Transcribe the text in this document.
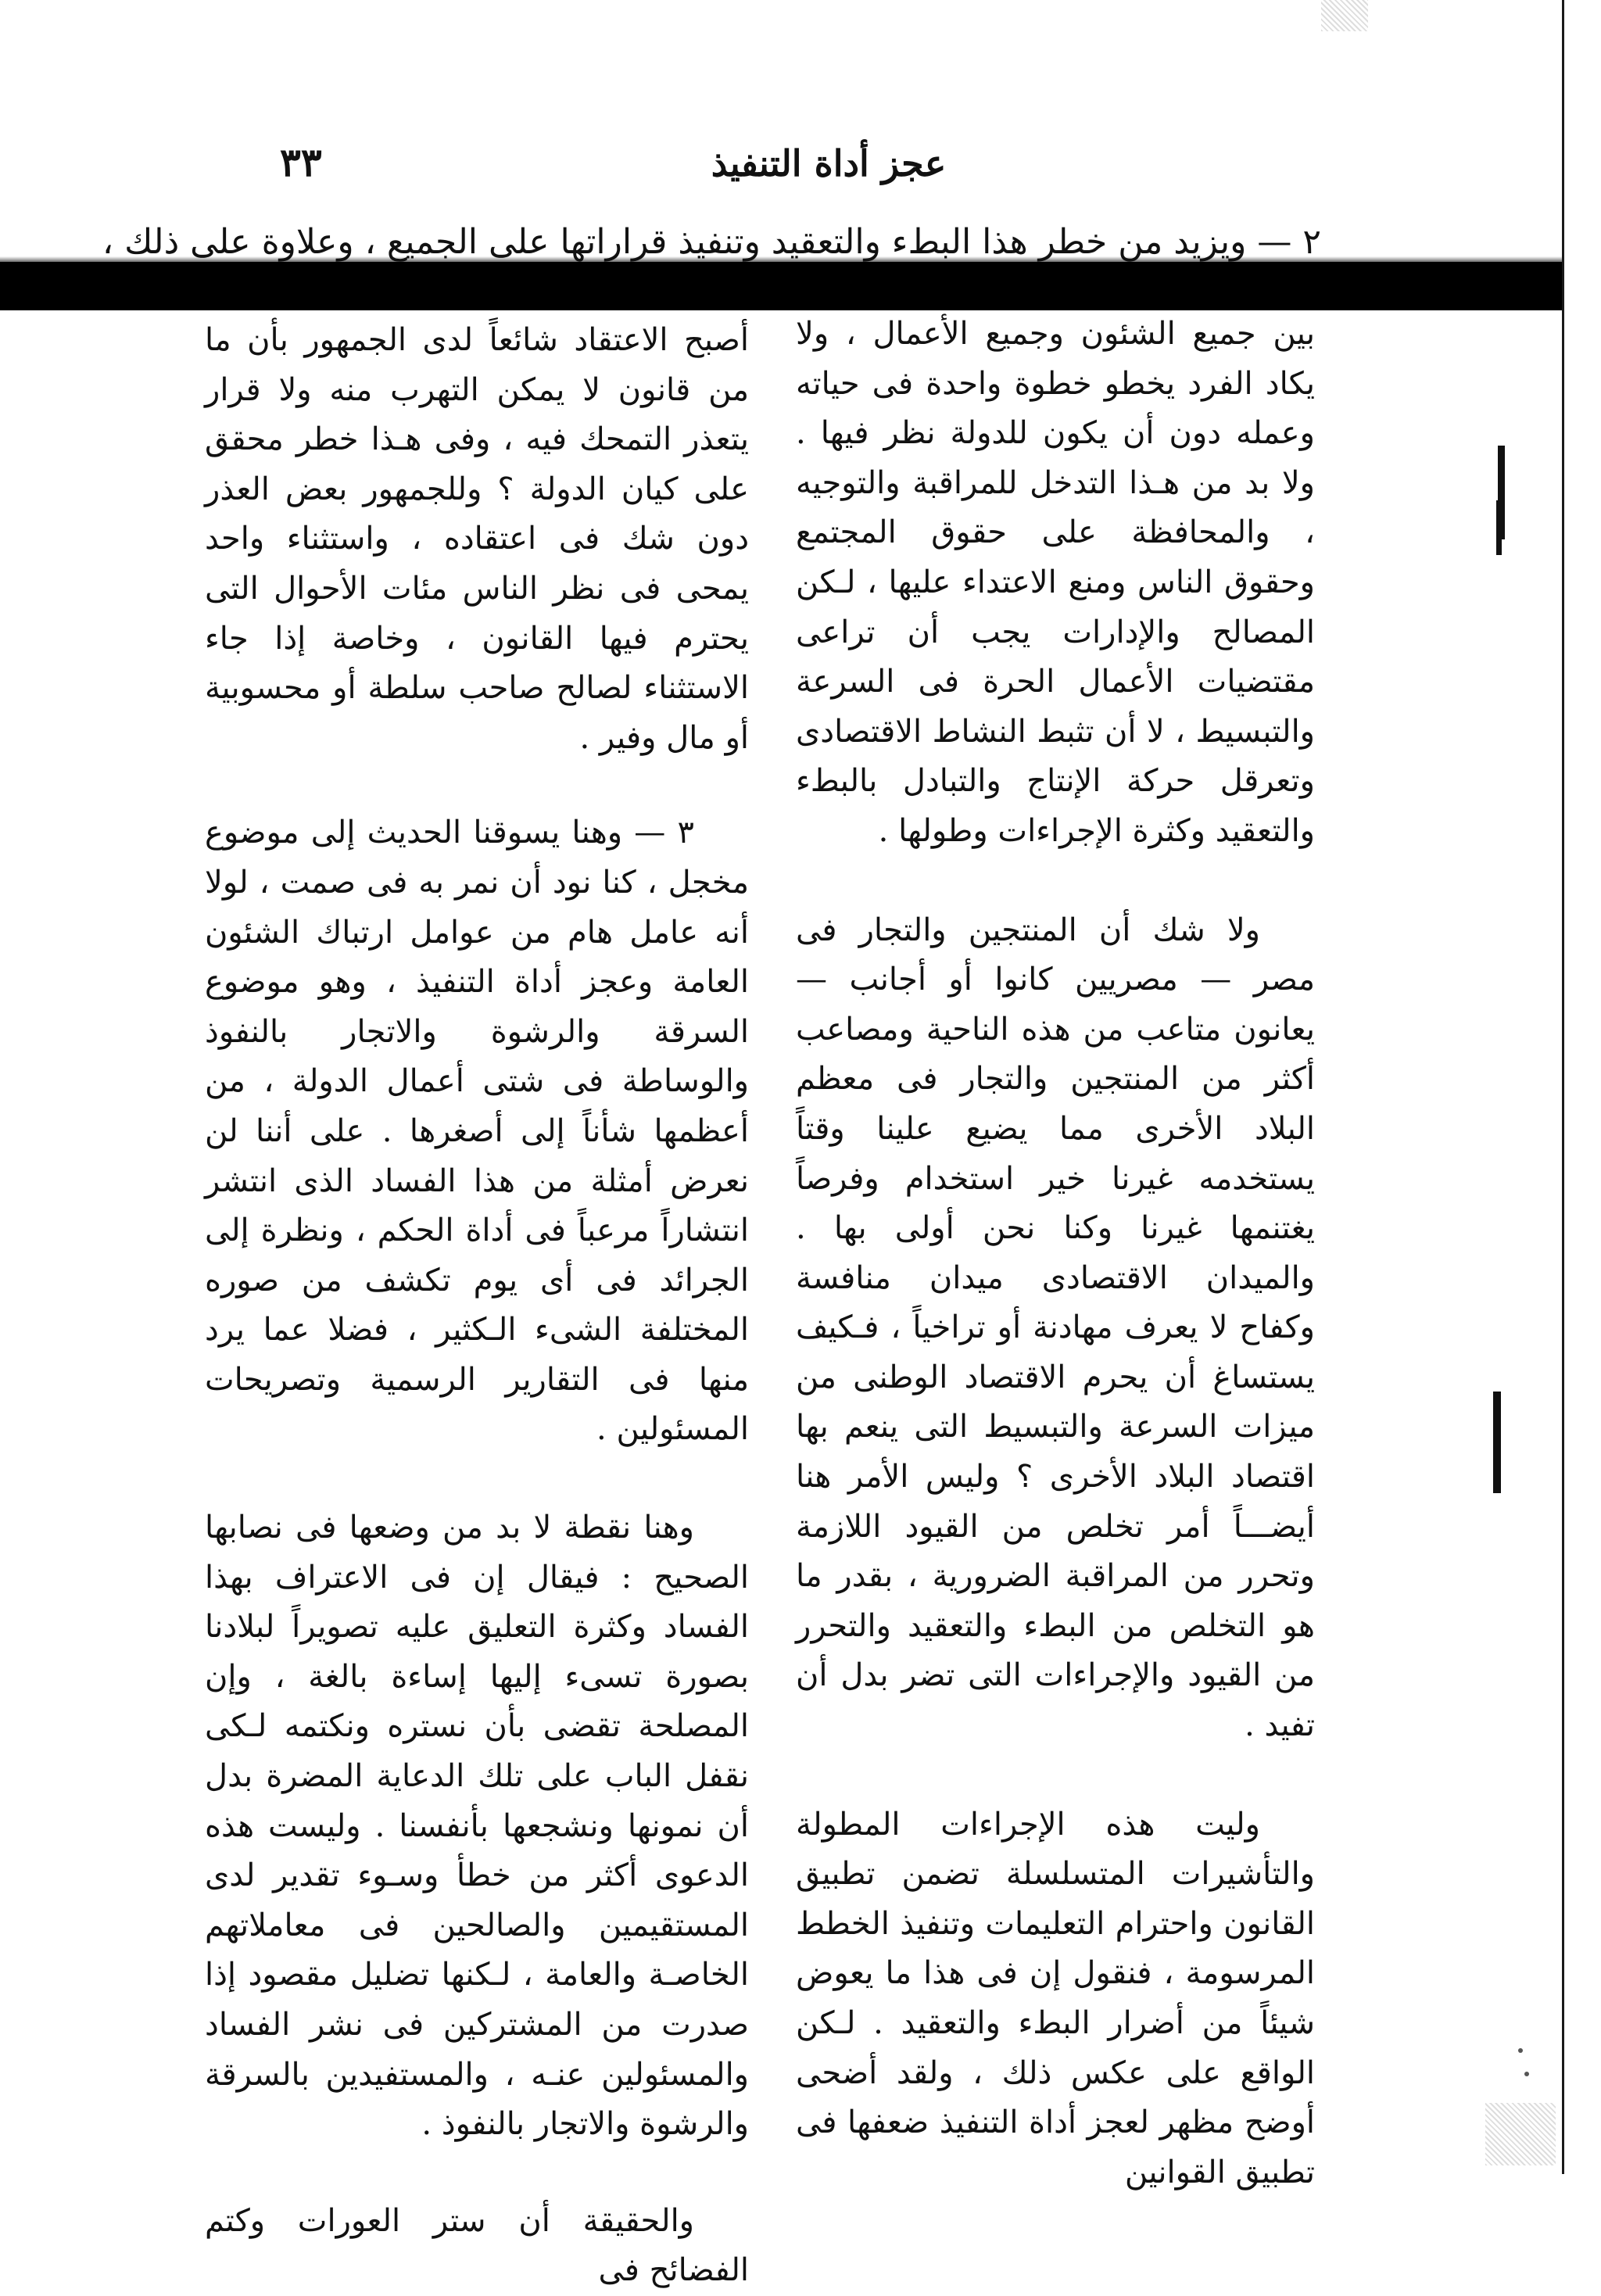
٣٣	عجز أداة التنفيذ
٢ — ويزيد من خطر هذا البطء والتعقيد وتنفيذ قراراتها على الجميع ، وعلاوة على ذلك ،

بين جميع الشئون وجميع الأعمال ، ولا يكاد الفرد يخطو خطوة واحدة فى حياته وعمله دون أن يكون للدولة نظر فيها . ولا بد من هـذا التدخل للمراقبة والتوجيه ، والمحافظة على حقوق المجتمع وحقوق الناس ومنع الاعتداء عليها ، لـكن المصالح والإدارات يجب أن تراعى مقتضيات الأعمال الحرة فى السرعة والتبسيط ، لا أن تثبط النشاط الاقتصادى وتعرقل حركة الإنتاج والتبادل بالبطء والتعقيد وكثرة الإجراءات وطولها .

ولا شك أن المنتجين والتجار فى مصر — مصريين كانوا أو أجانب — يعانون متاعب من هذه الناحية ومصاعب أكثر من المنتجين والتجار فى معظم البلاد الأخرى مما يضيع علينا وقتاً يستخدمه غيرنا خير استخدام وفرصاً يغتنمها غيرنا وكنا نحن أولى بها . والميدان الاقتصادى ميدان منافسة وكفاح لا يعرف مهادنة أو تراخياً ، فـكيف يستساغ أن يحرم الاقتصاد الوطنى من ميزات السرعة والتبسيط التى ينعم بها اقتصاد البلاد الأخرى ؟ وليس الأمر هنا أيضـــاً أمر تخلص من القيود اللازمة وتحرر من المراقبة الضرورية ، بقدر ما هو التخلص من البطء والتعقيد والتحرر من القيود والإجراءات التى تضر بدل أن تفيد .

وليت هذه الإجراءات المطولة والتأشيرات المتسلسلة تضمن تطبيق القانون واحترام التعليمات وتنفيذ الخطط المرسومة ، فنقول إن فى هذا ما يعوض شيئاً من أضرار البطء والتعقيد . لـكن الواقع على عكس ذلك ، ولقد أضحى أوضح مظهر لعجز أداة التنفيذ ضعفها فى تطبيق القوانين

أصبح الاعتقاد شائعاً لدى الجمهور بأن ما من قانون لا يمكن التهرب منه ولا قرار يتعذر التمحك فيه ، وفى هـذا خطر محقق على كيان الدولة ؟ وللجمهور بعض العذر دون شك فى اعتقاده ، واستثناء واحد يمحى فى نظر الناس مئات الأحوال التى يحترم فيها القانون ، وخاصة إذا جاء الاستثناء لصالح صاحب سلطة أو محسوبية أو مال وفير .

٣ — وهنا يسوقنا الحديث إلى موضوع مخجل ، كنا نود أن نمر به فى صمت ، لولا أنه عامل هام من عوامل ارتباك الشئون العامة وعجز أداة التنفيذ ، وهو موضوع السرقة والرشوة والاتجار بالنفوذ والوساطة فى شتى أعمال الدولة ، من أعظمها شأناً إلى أصغرها . على أننا لن نعرض أمثلة من هذا الفساد الذى انتشر انتشاراً مرعباً فى أداة الحكم ، ونظرة إلى الجرائد فى أى يوم تكشف من صوره المختلفة الشىء الـكثير ، فضلا عما يرد منها فى التقارير الرسمية وتصريحات المسئولين .

وهنا نقطة لا بد من وضعها فى نصابها الصحيح : فيقال إن فى الاعتراف بهذا الفساد وكثرة التعليق عليه تصويراً لبلادنا بصورة تسىء إليها إساءة بالغة ، وإن المصلحة تقضى بأن نستره ونكتمه لـكى نقفل الباب على تلك الدعاية المضرة بدل أن نمونها ونشجعها بأنفسنا . وليست هذه الدعوى أكثر من خطأ وسـوء تقدير لدى المستقيمين والصالحين فى معاملاتهم الخاصـة والعامة ، لـكنها تضليل مقصود إذا صدرت من المشتركين فى نشر الفساد والمسئولين عنـه ، والمستفيدين بالسرقة والرشوة والاتجار بالنفوذ .

والحقيقة أن ستر العورات وكتم الفضائح فى
